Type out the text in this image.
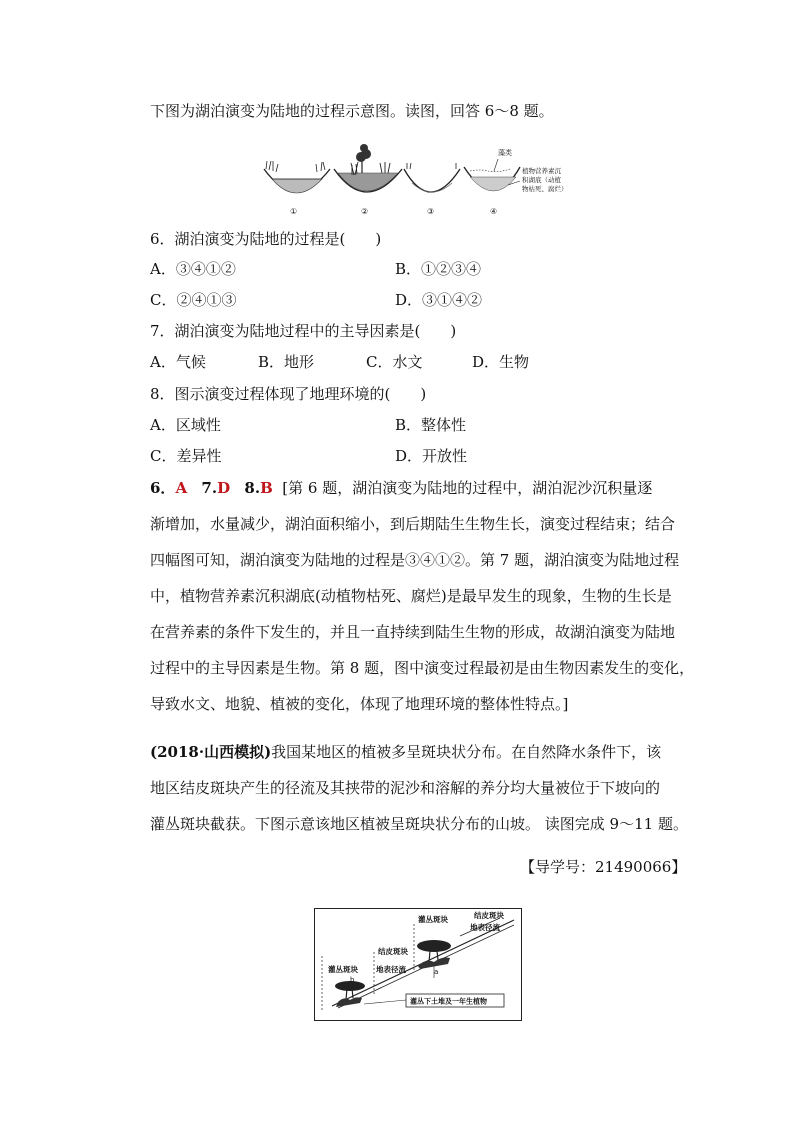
下图为湖泊演变为陆地的过程示意图。读图，回答 6～8 题。
藻类
植物营养素沉
积湖底（动植
物枯死、腐烂）
①	②	③	④
6．湖泊演变为陆地的过程是(　　)
A．③④①②	B．①②③④
C．②④①③	D．③①④②
7．湖泊演变为陆地过程中的主导因素是(　　)
A．气候	B．地形	C．水文	D．生物
8．图示演变过程体现了地理环境的(　　)
A．区域性	B．整体性
C．差异性	D．开放性
6．A 7.D 8.B [第 6 题，湖泊演变为陆地的过程中，湖泊泥沙沉积量逐
渐增加，水量减少，湖泊面积缩小，到后期陆生生物生长，演变过程结束；结合
四幅图可知，湖泊演变为陆地的过程是③④①②。第 7 题，湖泊演变为陆地过程
中，植物营养素沉积湖底(动植物枯死、腐烂)是最早发生的现象，生物的生长是
在营养素的条件下发生的，并且一直持续到陆生生物的形成，故湖泊演变为陆地
过程中的主导因素是生物。第 8 题，图中演变过程最初是由生物因素发生的变化，
导致水文、地貌、植被的变化，体现了地理环境的整体性特点。]
(2018·山西模拟)我国某地区的植被多呈斑块状分布。在自然降水条件下，该
地区结皮斑块产生的径流及其挟带的泥沙和溶解的养分均大量被位于下坡向的
灌丛斑块截获。下图示意该地区植被呈斑块状分布的山坡。 读图完成 9～11 题。
【导学号：21490066】
结皮斑块
灌丛斑块
地表径流
a
结皮斑块
灌丛斑块
b
地表径流
灌丛下土堆及一年生植物
